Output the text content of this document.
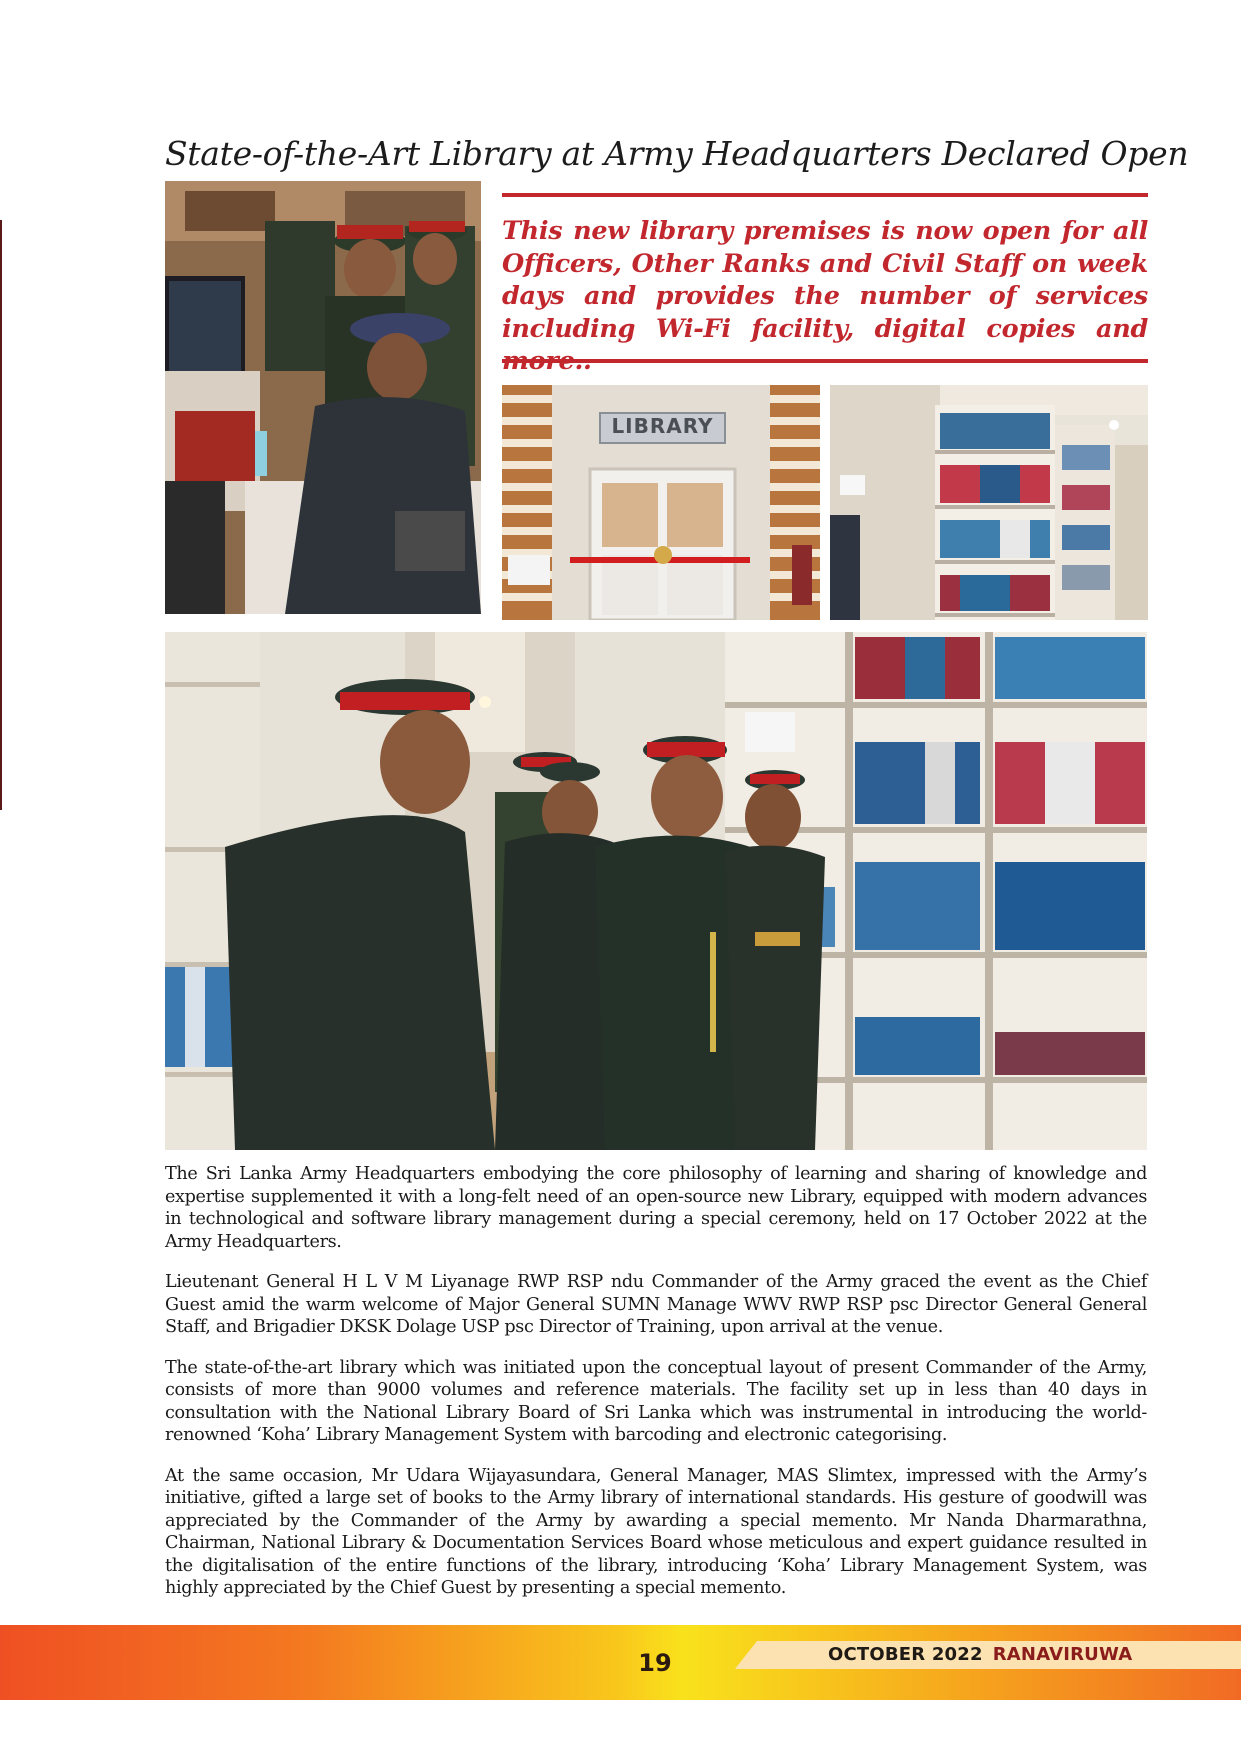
State-of-the-Art Library at Army Headquarters Declared Open
This new library premises is now open for all Officers, Other Ranks and Civil Staff on week days and provides the number of services including Wi-Fi facility, digital copies and more..
LIBRARY

The Sri Lanka Army Headquarters embodying the core philosophy of learning and sharing of knowledge and expertise supplemented it with a long-felt need of an open-source new Library, equipped with modern advances in technological and software library management during a special ceremony, held on 17 October 2022 at the Army Headquarters.

Lieutenant General H L V M Liyanage RWP RSP ndu Commander of the Army graced the event as the Chief Guest amid the warm welcome of Major General SUMN Manage WWV RWP RSP psc Director General General Staff, and Brigadier DKSK Dolage USP psc Director of Training, upon arrival at the venue.

The state-of-the-art library which was initiated upon the conceptual layout of present Commander of the Army, consists of more than 9000 volumes and reference materials. The facility set up in less than 40 days in consultation with the National Library Board of Sri Lanka which was instrumental in introducing the world-renowned ‘Koha’ Library Management System with barcoding and electronic categorising.

At the same occasion, Mr Udara Wijayasundara, General Manager, MAS Slimtex, impressed with the Army’s initiative, gifted a large set of books to the Army library of international standards. His gesture of goodwill was appreciated by the Commander of the Army by awarding a special memento. Mr Nanda Dharmarathna, Chairman, National Library & Documentation Services Board whose meticulous and expert guidance resulted in the digitalisation of the entire functions of the library, introducing ‘Koha’ Library Management System, was highly appreciated by the Chief Guest by presenting a special memento.

19	OCTOBER 2022 RANAVIRUWA
